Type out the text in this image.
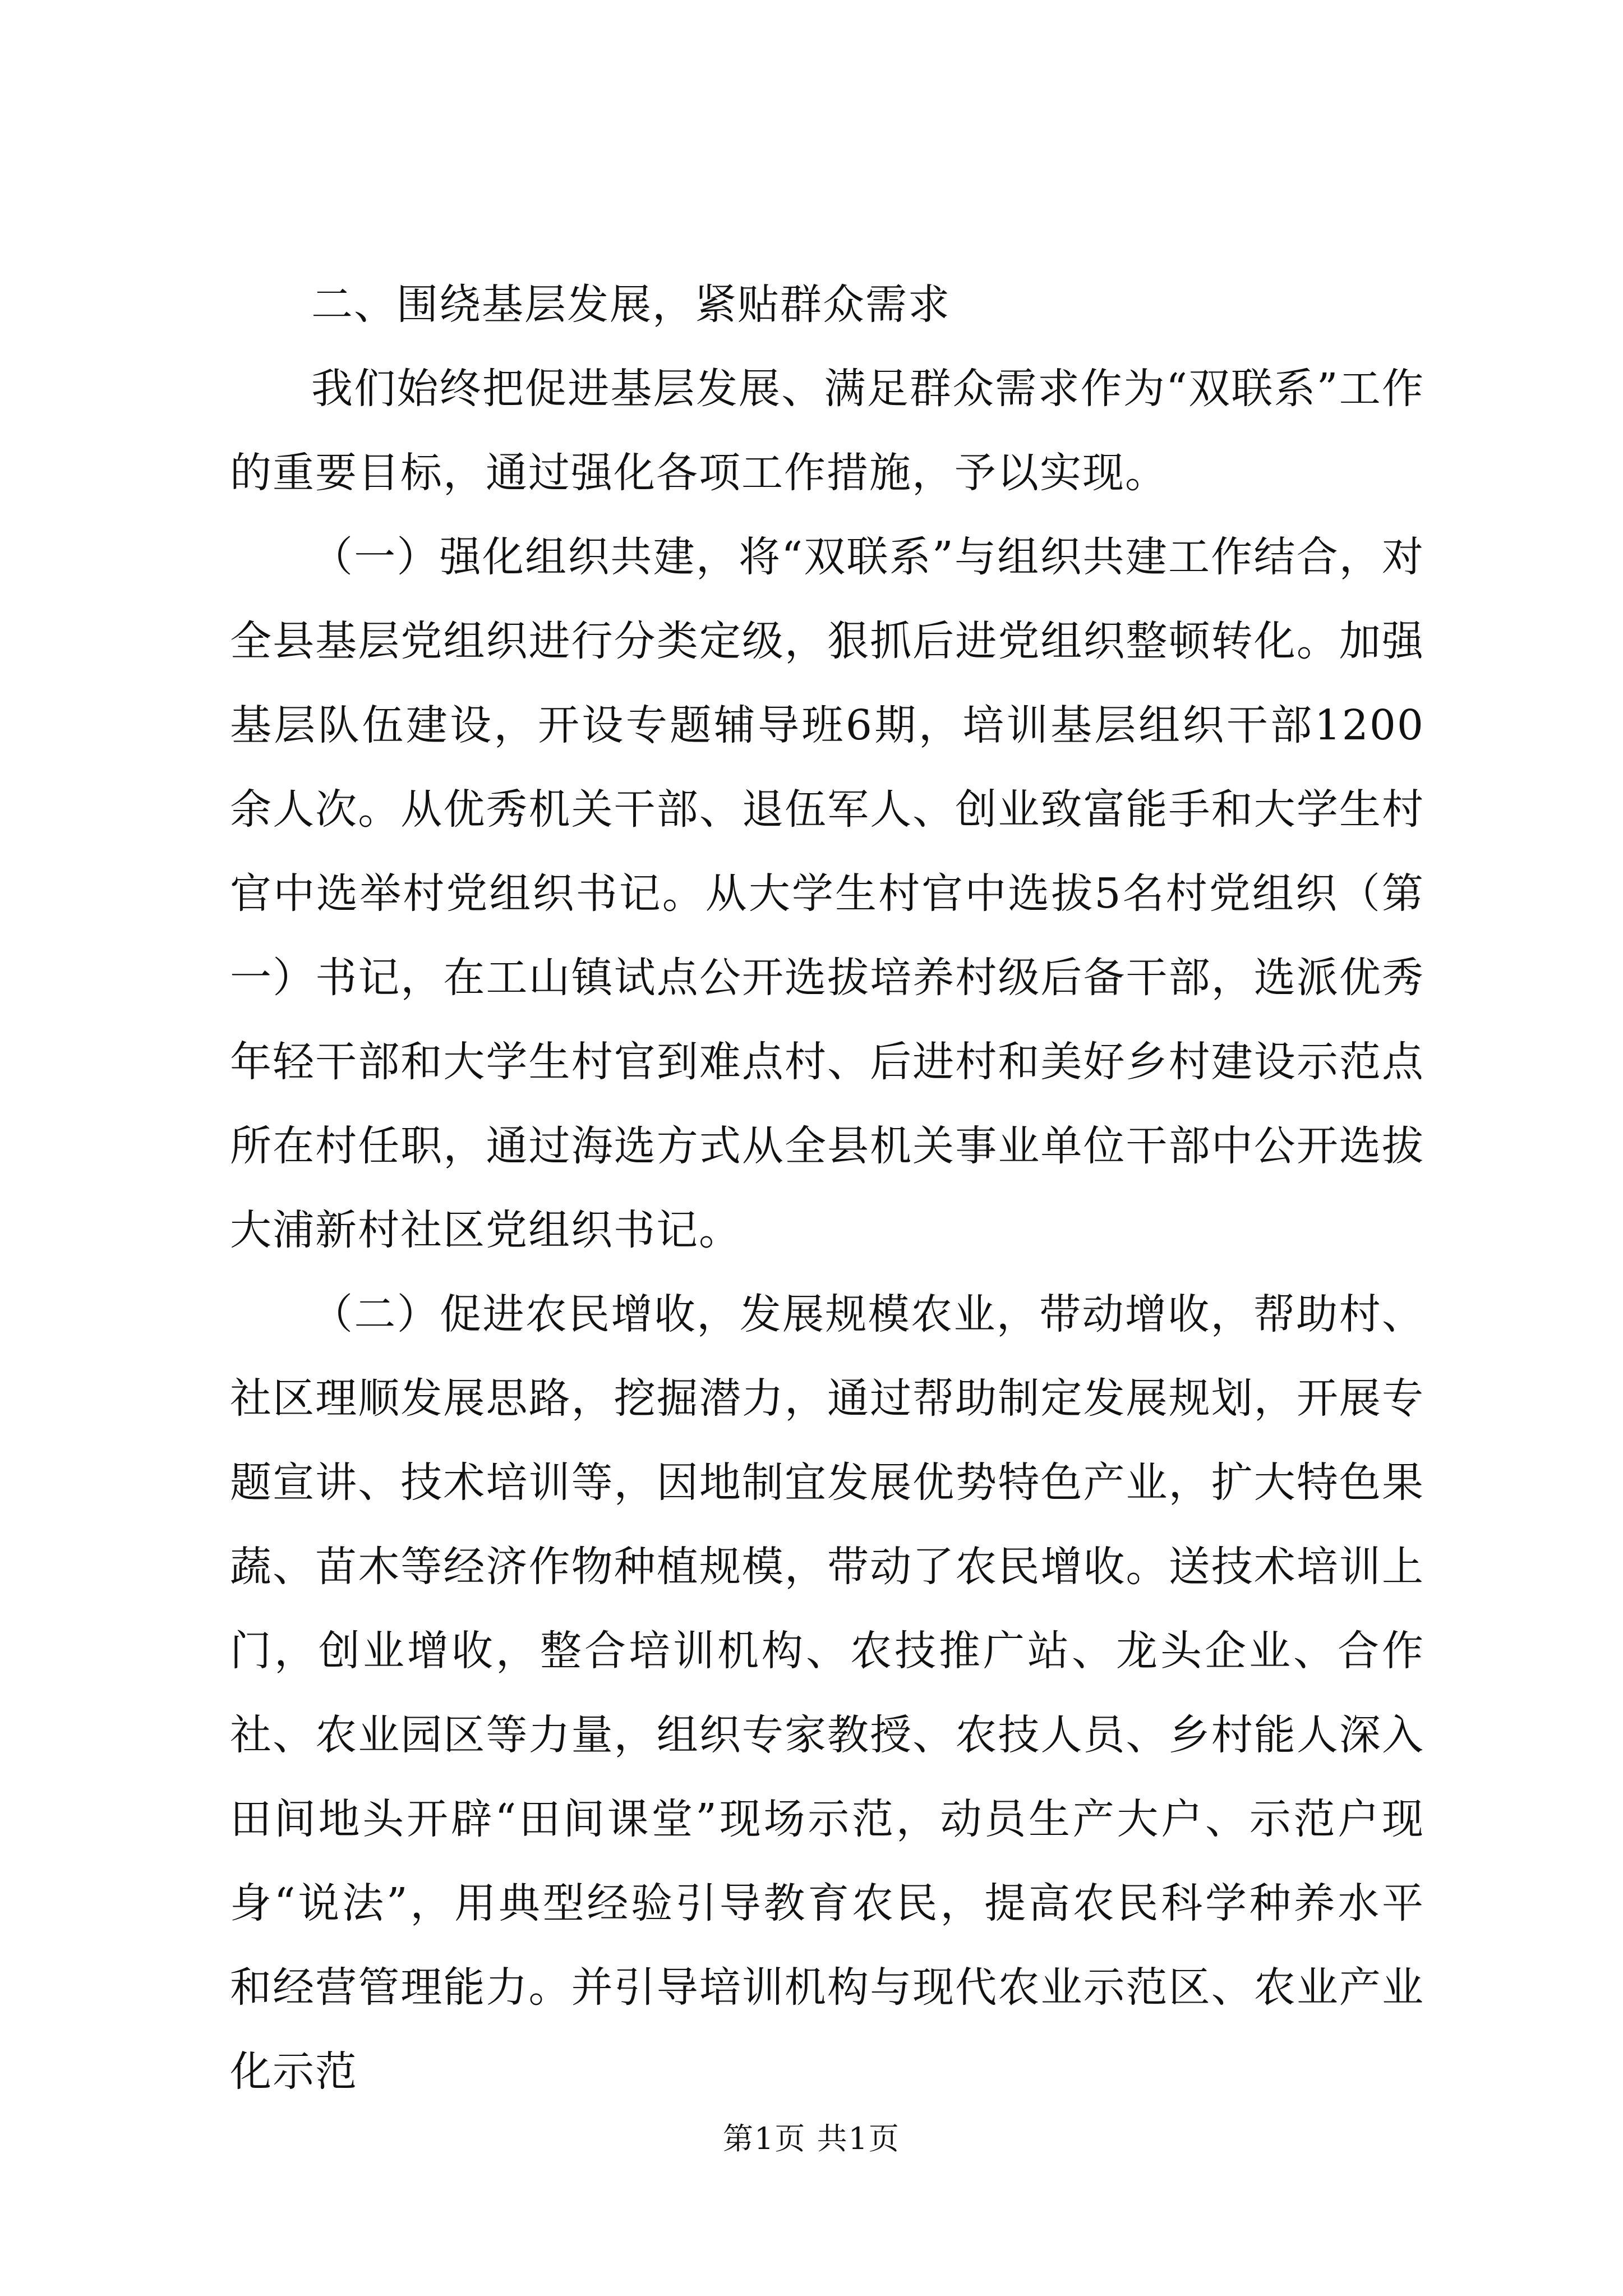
二、围绕基层发展，紧贴群众需求

我们始终把促进基层发展、满足群众需求作为“双联系”工作的重要目标，通过强化各项工作措施，予以实现。

（一）强化组织共建，将“双联系”与组织共建工作结合，对全县基层党组织进行分类定级，狠抓后进党组织整顿转化。加强基层队伍建设，开设专题辅导班6期，培训基层组织干部1200余人次。从优秀机关干部、退伍军人、创业致富能手和大学生村官中选举村党组织书记。从大学生村官中选拔5名村党组织（第一）书记，在工山镇试点公开选拔培养村级后备干部，选派优秀年轻干部和大学生村官到难点村、后进村和美好乡村建设示范点所在村任职，通过海选方式从全县机关事业单位干部中公开选拔大浦新村社区党组织书记。

（二）促进农民增收，发展规模农业，带动增收，帮助村、社区理顺发展思路，挖掘潜力，通过帮助制定发展规划，开展专题宣讲、技术培训等，因地制宜发展优势特色产业，扩大特色果蔬、苗木等经济作物种植规模，带动了农民增收。送技术培训上门，创业增收，整合培训机构、农技推广站、龙头企业、合作社、农业园区等力量，组织专家教授、农技人员、乡村能人深入田间地头开辟“田间课堂”现场示范，动员生产大户、示范户现身“说法”，用典型经验引导教育农民，提高农民科学种养水平和经营管理能力。并引导培训机构与现代农业示范区、农业产业化示范

第1页 共1页
